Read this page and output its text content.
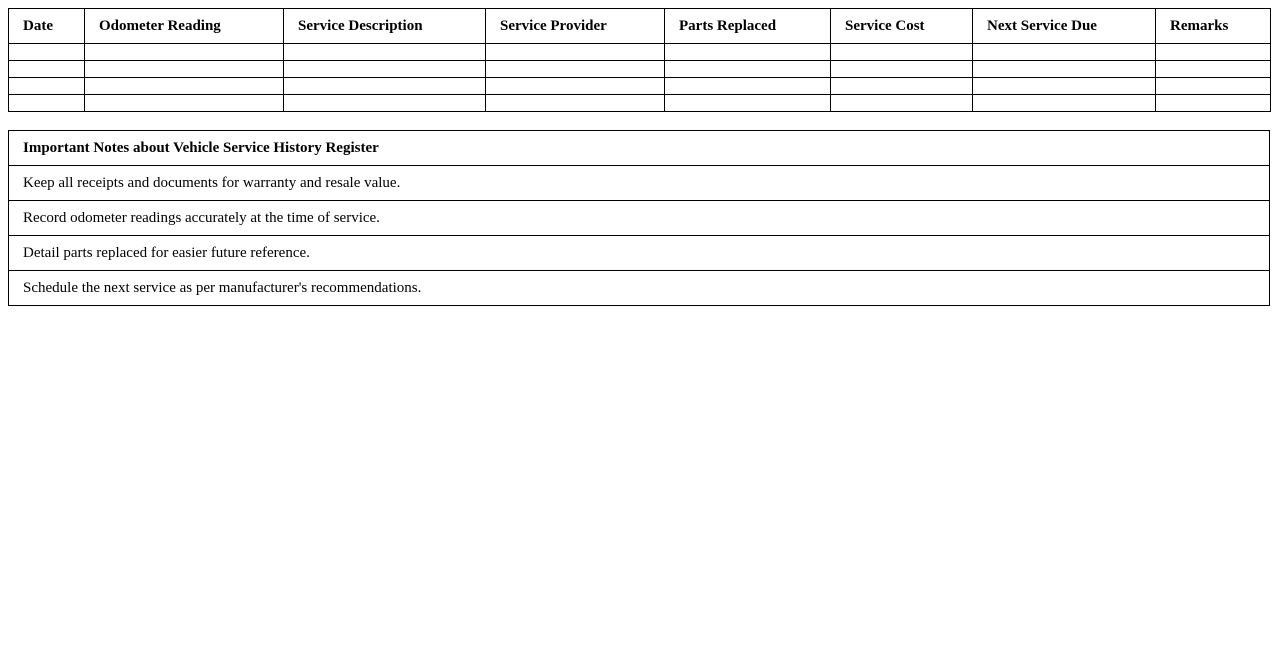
Date	Odometer Reading	Service Description	Service Provider	Parts Replaced	Service Cost	Next Service Due	Remarks

Important Notes about Vehicle Service History Register
Keep all receipts and documents for warranty and resale value.
Record odometer readings accurately at the time of service.
Detail parts replaced for easier future reference.
Schedule the next service as per manufacturer's recommendations.
